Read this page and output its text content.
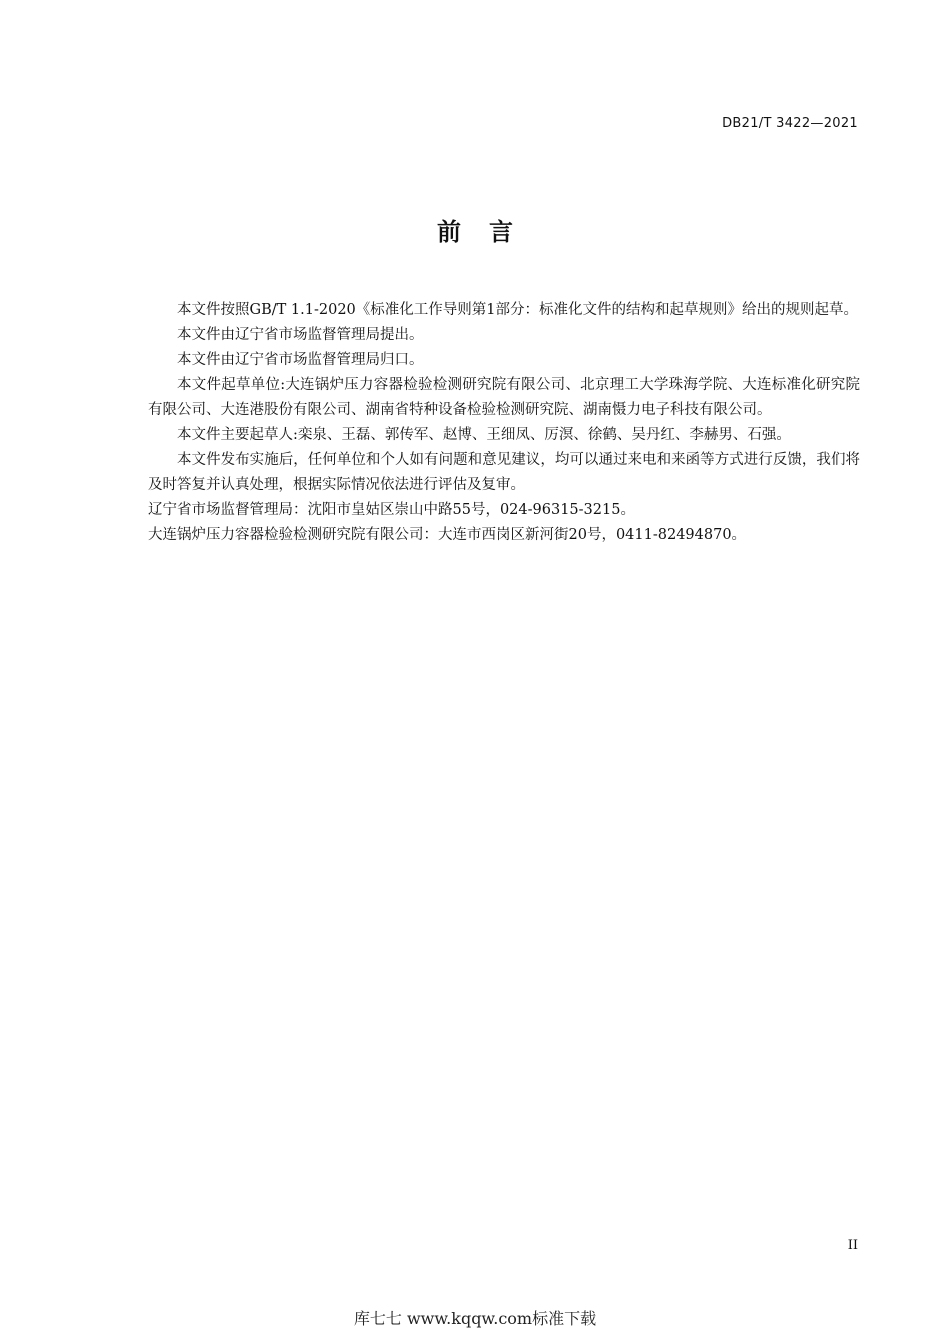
DB21/T 3422—2021
前言

本文件按照GB/T 1.1-2020《标准化工作导则第1部分：标准化文件的结构和起草规则》给出的规则起草。

本文件由辽宁省市场监督管理局提出。

本文件由辽宁省市场监督管理局归口。

本文件起草单位:大连锅炉压力容器检验检测研究院有限公司、北京理工大学珠海学院、大连标准化研究院有限公司、大连港股份有限公司、湖南省特种设备检验检测研究院、湖南慑力电子科技有限公司。

本文件主要起草人:栾泉、王磊、郭传军、赵博、王细凤、厉溟、徐鹤、吴丹红、李赫男、石强。

本文件发布实施后，任何单位和个人如有问题和意见建议，均可以通过来电和来函等方式进行反馈，我们将及时答复并认真处理，根据实际情况依法进行评估及复审。

辽宁省市场监督管理局：沈阳市皇姑区崇山中路55号，024-96315-3215。

大连锅炉压力容器检验检测研究院有限公司：大连市西岗区新河街20号，0411-82494870。

II
库七七 www.kqqw.com标准下载
